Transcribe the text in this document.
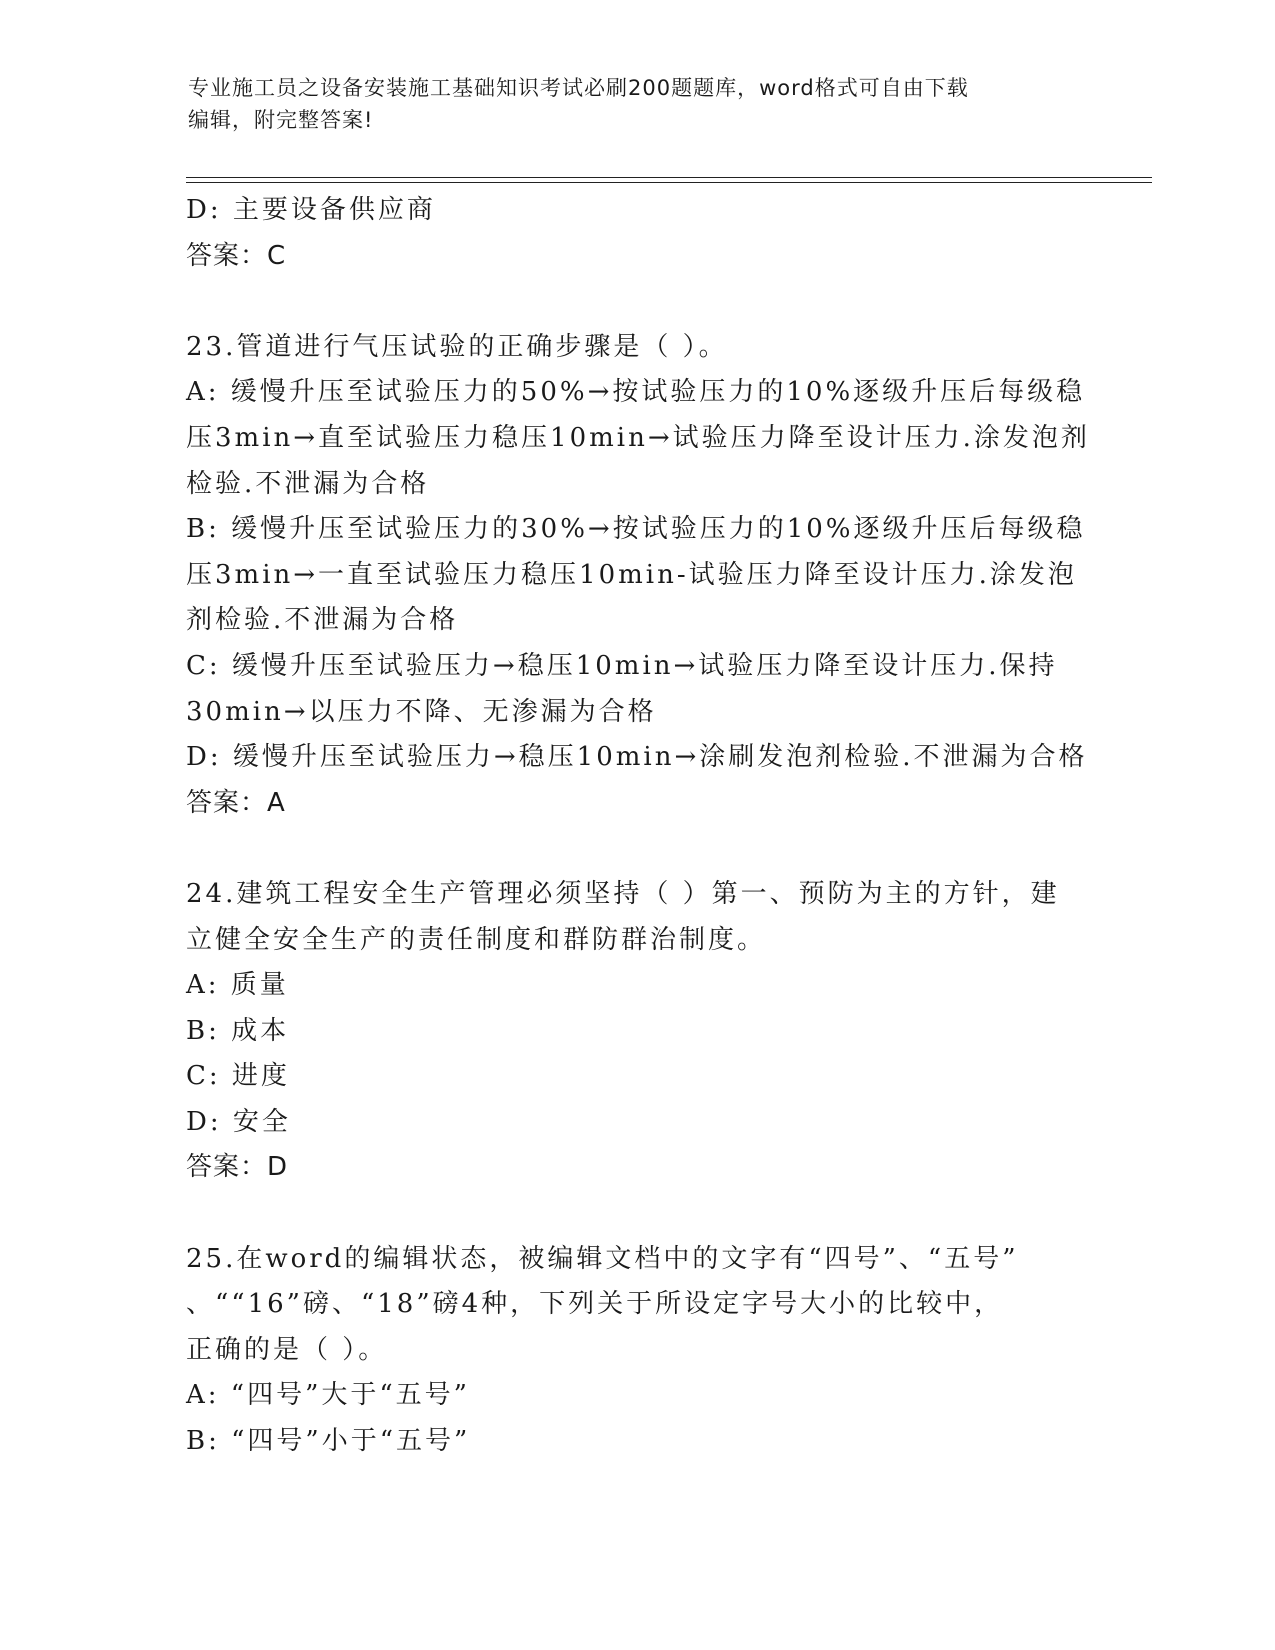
专业施工员之设备安装施工基础知识考试必刷200题题库，word格式可自由下载
编辑，附完整答案!
D: 主要设备供应商
答案：C
23.管道进行气压试验的正确步骤是（ ）。
A: 缓慢升压至试验压力的50%→按试验压力的10%逐级升压后每级稳
压3min→直至试验压力稳压10min→试验压力降至设计压力.涂发泡剂
检验.不泄漏为合格
B: 缓慢升压至试验压力的30%→按试验压力的10%逐级升压后每级稳
压3min→一直至试验压力稳压10min-试验压力降至设计压力.涂发泡
剂检验.不泄漏为合格
C: 缓慢升压至试验压力→稳压10min→试验压力降至设计压力.保持
30min→以压力不降、无渗漏为合格
D: 缓慢升压至试验压力→稳压10min→涂刷发泡剂检验.不泄漏为合格
答案：A
24.建筑工程安全生产管理必须坚持（ ）第一、预防为主的方针，建
立健全安全生产的责任制度和群防群治制度。
A: 质量
B: 成本
C: 进度
D: 安全
答案：D
25.在word的编辑状态，被编辑文档中的文字有“四号”、“五号”
、““16”磅、“18”磅4种，下列关于所设定字号大小的比较中，
正确的是（ ）。
A: “四号”大于“五号”
B: “四号”小于“五号”
